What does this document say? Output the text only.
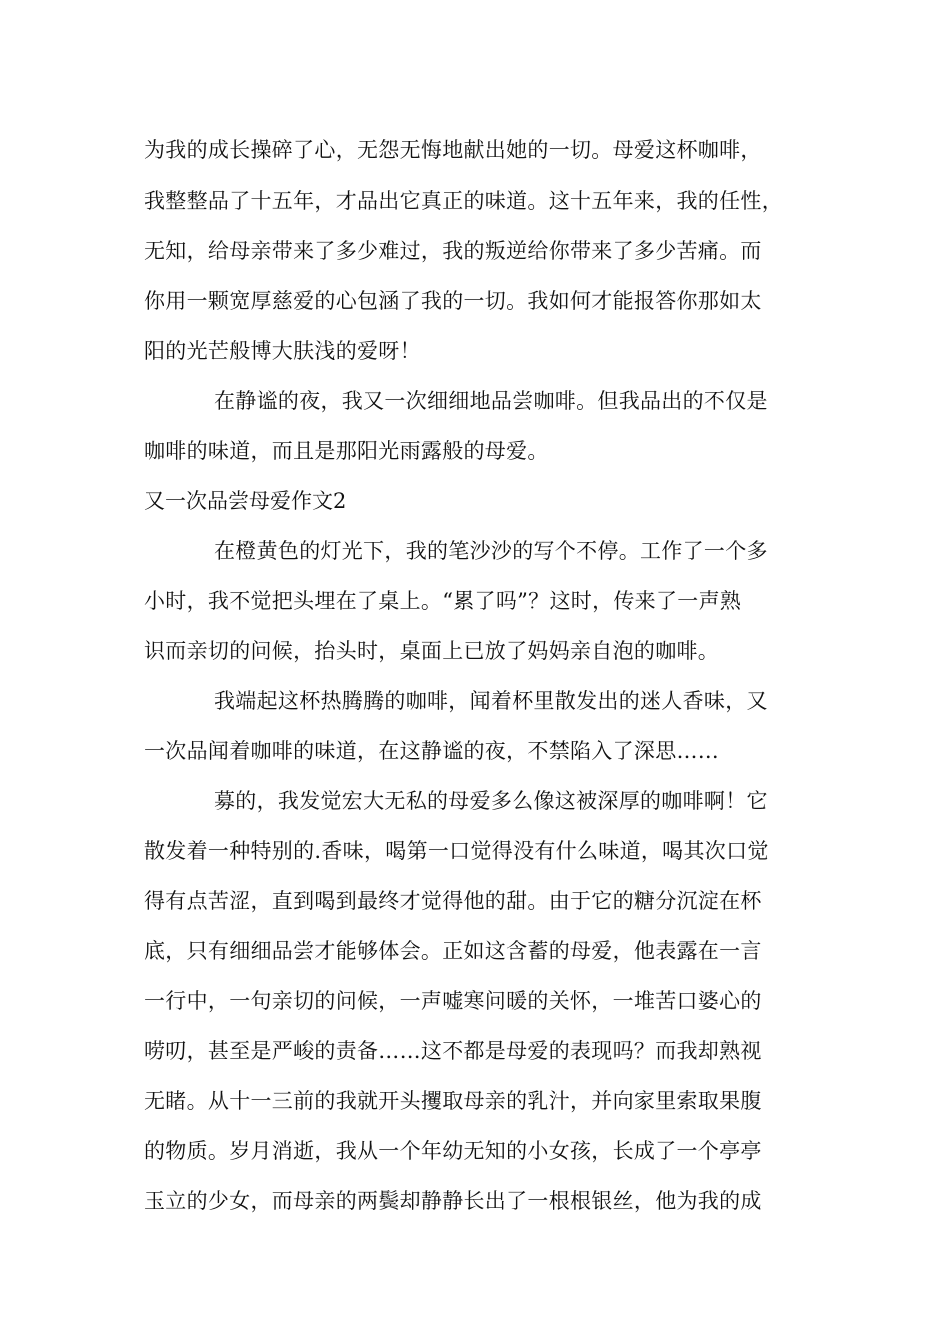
为我的成长操碎了心，无怨无悔地献出她的一切。母爱这杯咖啡，

我整整品了十五年，才品出它真正的味道。这十五年来，我的任性，

无知，给母亲带来了多少难过，我的叛逆给你带来了多少苦痛。而

你用一颗宽厚慈爱的心包涵了我的一切。我如何才能报答你那如太

阳的光芒般博大肤浅的爱呀！

在静谧的夜，我又一次细细地品尝咖啡。但我品出的不仅是

咖啡的味道，而且是那阳光雨露般的母爱。

又一次品尝母爱作文2

在橙黄色的灯光下，我的笔沙沙的写个不停。工作了一个多

小时，我不觉把头埋在了桌上。“累了吗”？这时，传来了一声熟

识而亲切的问候，抬头时，桌面上已放了妈妈亲自泡的咖啡。

我端起这杯热腾腾的咖啡，闻着杯里散发出的迷人香味，又

一次品闻着咖啡的味道，在这静谧的夜，不禁陷入了深思……

募的，我发觉宏大无私的母爱多么像这被深厚的咖啡啊！它

散发着一种特别的.香味，喝第一口觉得没有什么味道，喝其次口觉

得有点苦涩，直到喝到最终才觉得他的甜。由于它的糖分沉淀在杯

底，只有细细品尝才能够体会。正如这含蓄的母爱，他表露在一言

一行中，一句亲切的问候，一声嘘寒问暖的关怀，一堆苦口婆心的

唠叨，甚至是严峻的责备……这不都是母爱的表现吗？而我却熟视

无睹。从十一三前的我就开头攫取母亲的乳汁，并向家里索取果腹

的物质。岁月消逝，我从一个年幼无知的小女孩，长成了一个亭亭

玉立的少女，而母亲的两鬓却静静长出了一根根银丝，他为我的成
